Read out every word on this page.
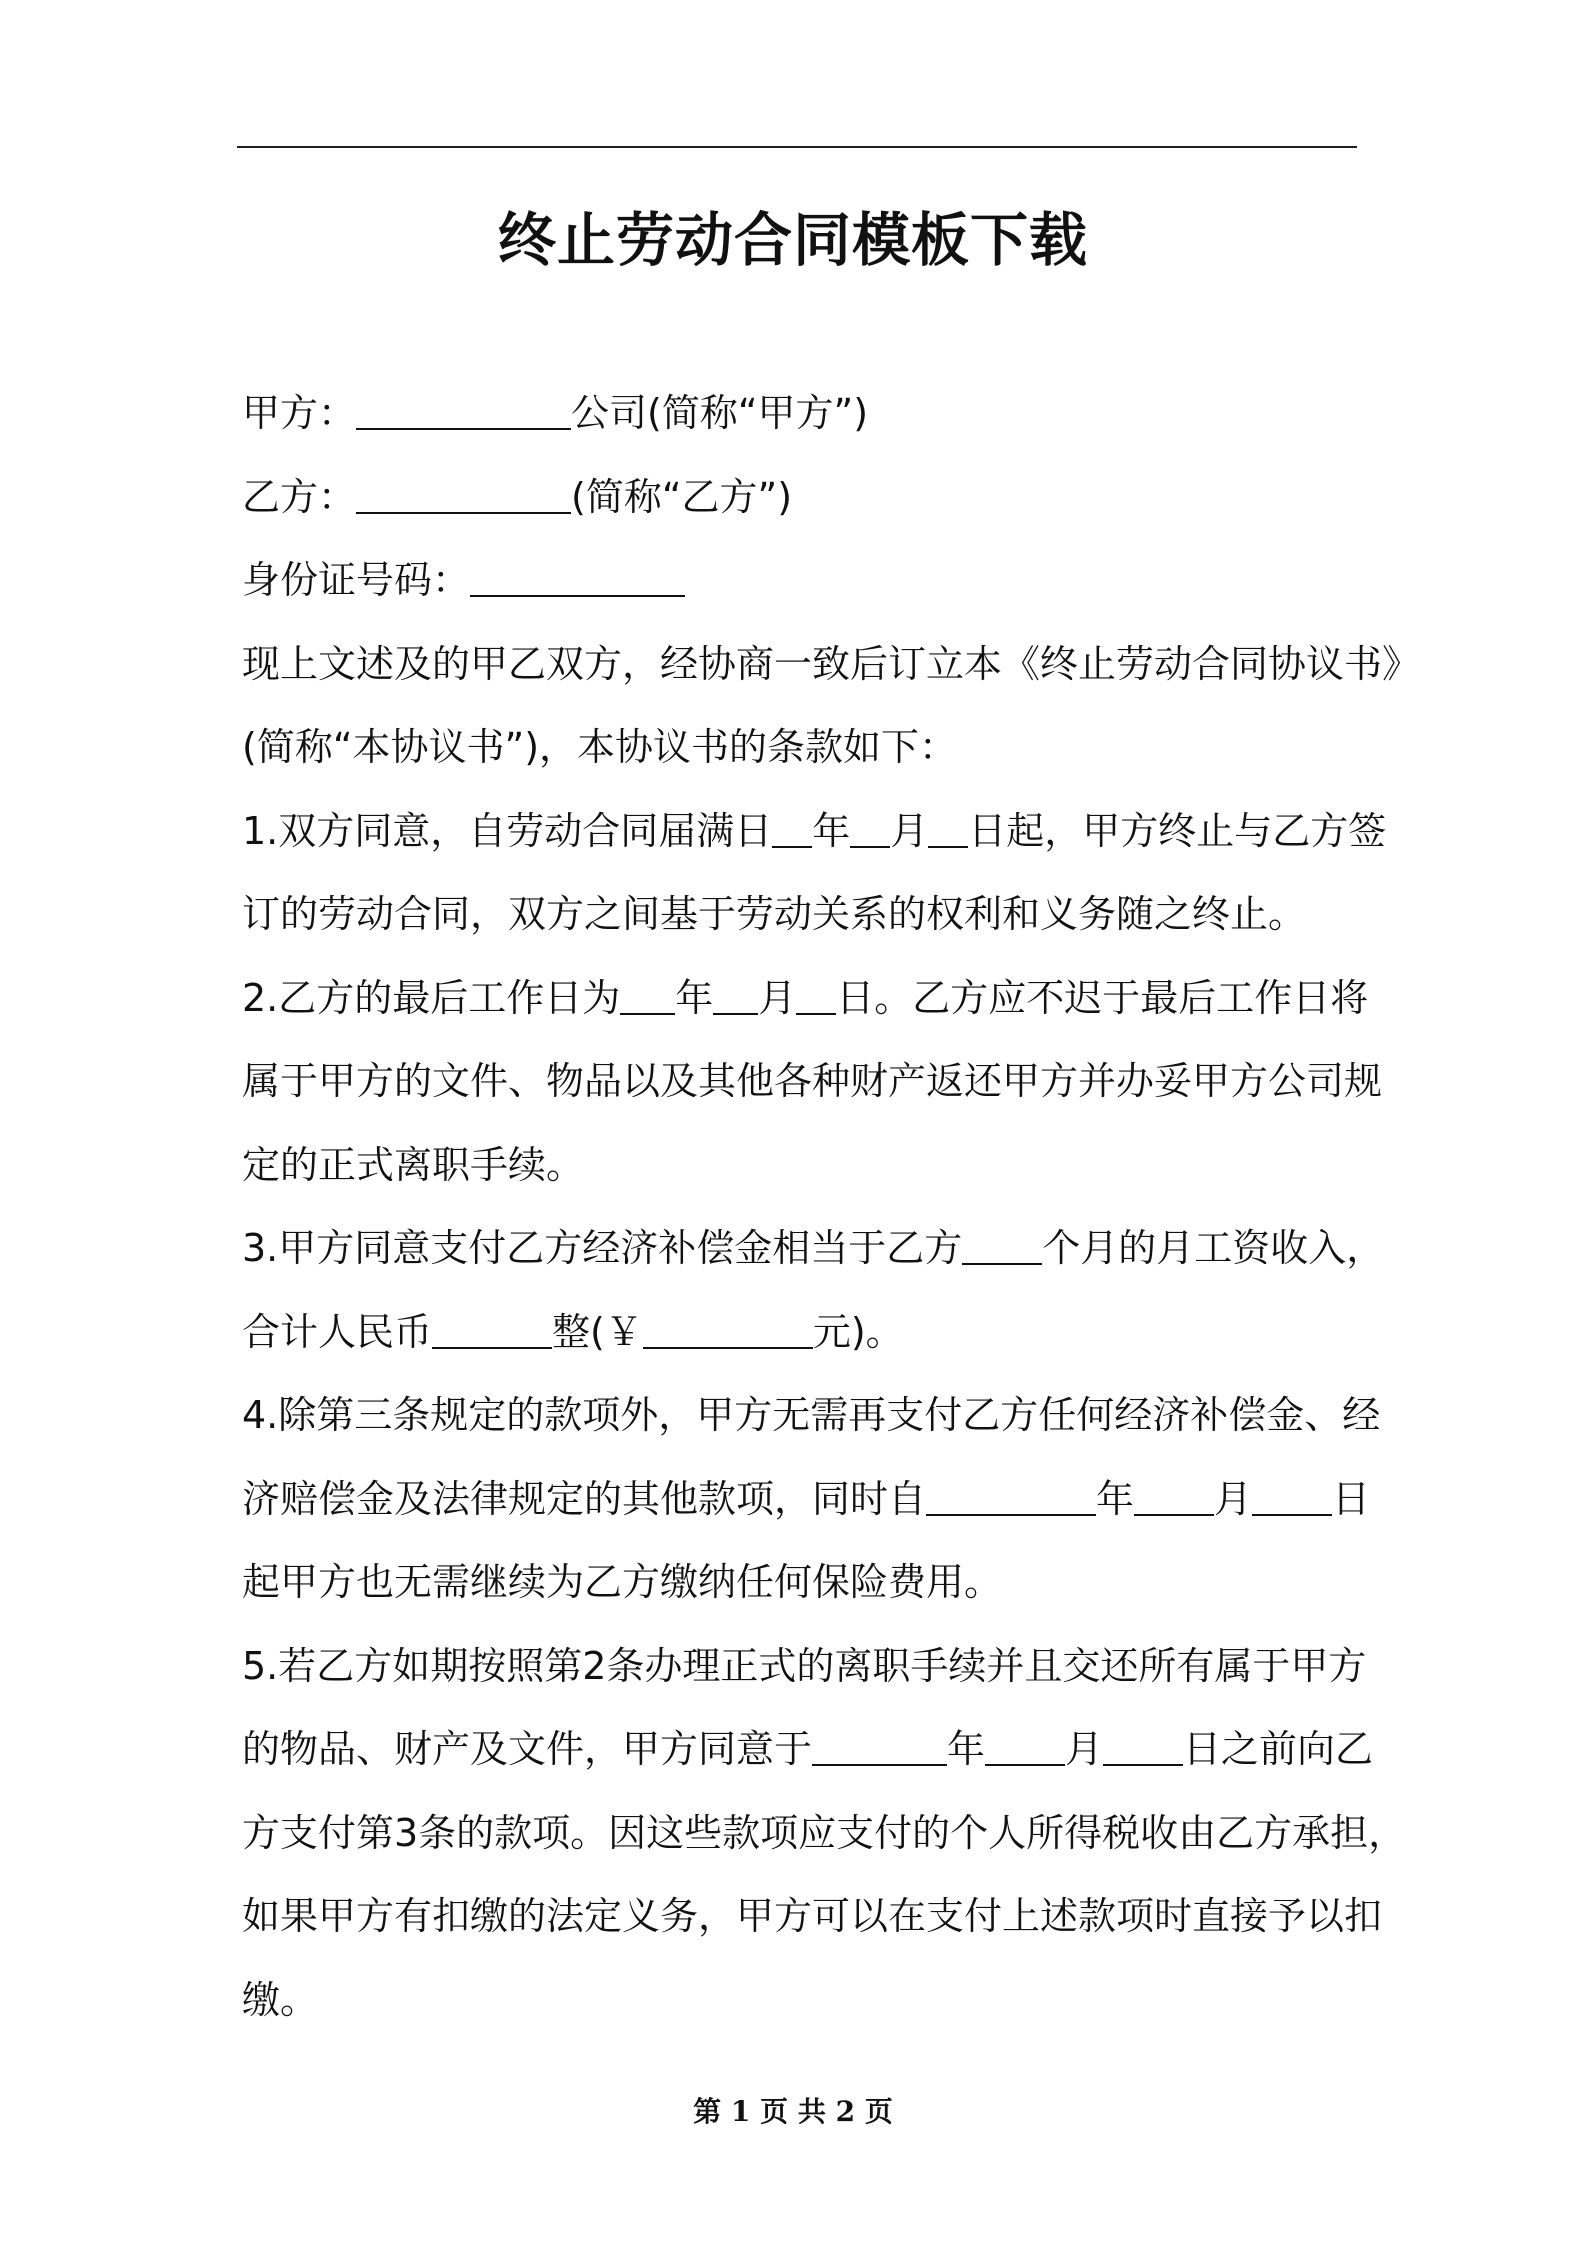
终止劳动合同模板下载
甲方：	公司(简称“甲方”)
乙方：	(简称“乙方”)
身份证号码：
现上文述及的甲乙双方，经协商一致后订立本《终止劳动合同协议书》
(简称“本协议书”)，本协议书的条款如下：
1.双方同意，自劳动合同届满日 年 月 日起，甲方终止与乙方签
订的劳动合同，双方之间基于劳动关系的权利和义务随之终止。
2.乙方的最后工作日为 年 月 日。乙方应不迟于最后工作日将
属于甲方的文件、物品以及其他各种财产返还甲方并办妥甲方公司规
定的正式离职手续。
3.甲方同意支付乙方经济补偿金相当于乙方 个月的月工资收入，
合计人民币	整(￥	元)。
4.除第三条规定的款项外，甲方无需再支付乙方任何经济补偿金、经
济赔偿金及法律规定的其他款项，同时自	年 月 日
起甲方也无需继续为乙方缴纳任何保险费用。
5.若乙方如期按照第2条办理正式的离职手续并且交还所有属于甲方
的物品、财产及文件，甲方同意于	年 月 日之前向乙
方支付第3条的款项。因这些款项应支付的个人所得税收由乙方承担，
如果甲方有扣缴的法定义务，甲方可以在支付上述款项时直接予以扣
缴。
第 1 页 共 2 页
